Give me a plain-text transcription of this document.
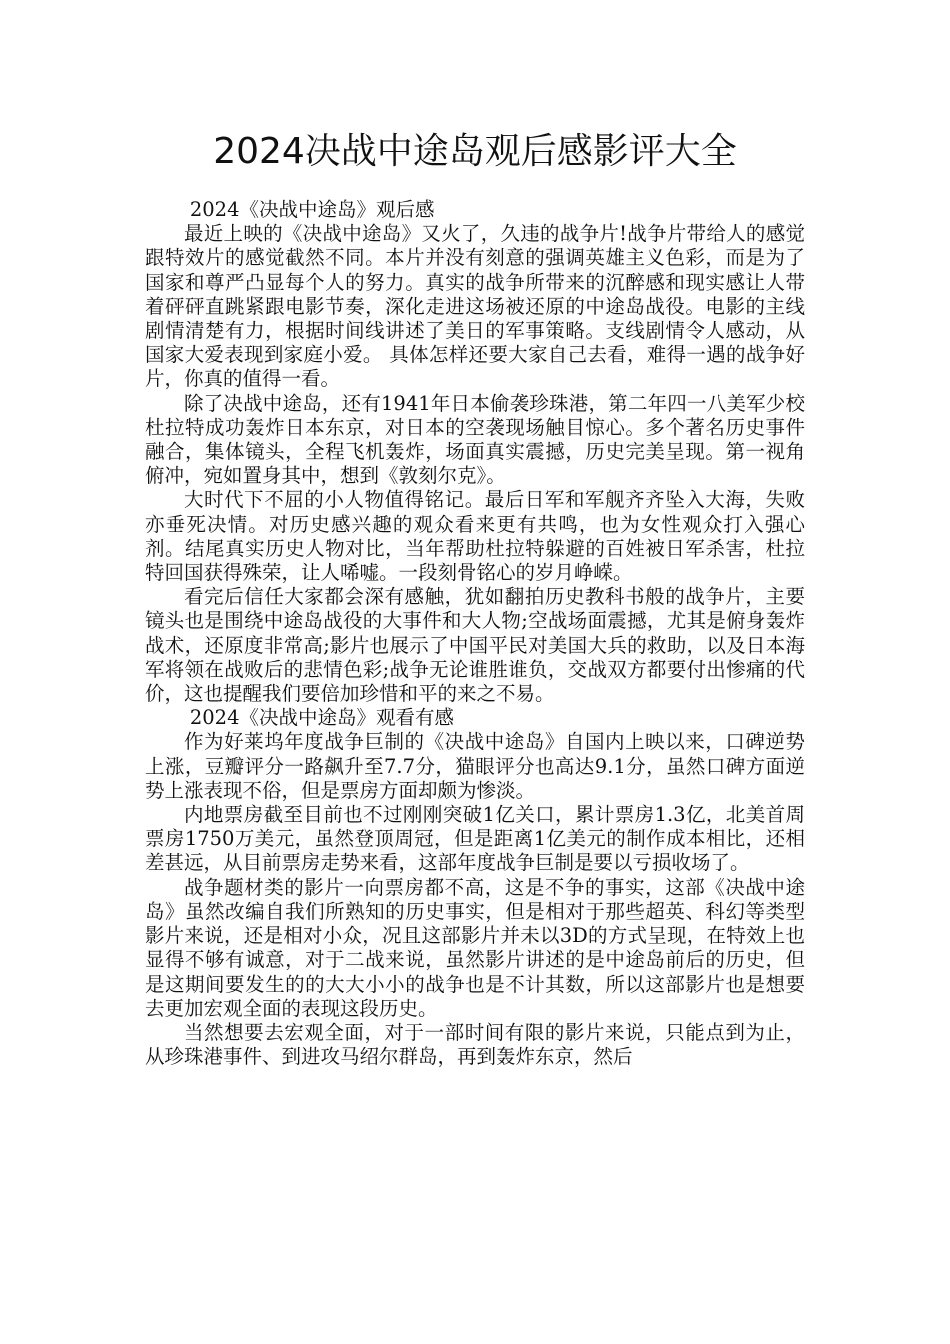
2024决战中途岛观后感影评大全

2024《决战中途岛》观后感

最近上映的《决战中途岛》又火了，久违的战争片!战争片带给人的感觉跟特效片的感觉截然不同。本片并没有刻意的强调英雄主义色彩，而是为了国家和尊严凸显每个人的努力。真实的战争所带来的沉醉感和现实感让人带着砰砰直跳紧跟电影节奏，深化走进这场被还原的中途岛战役。电影的主线剧情清楚有力，根据时间线讲述了美日的军事策略。支线剧情令人感动，从国家大爱表现到家庭小爱。 具体怎样还要大家自己去看，难得一遇的战争好片，你真的值得一看。

除了决战中途岛，还有1941年日本偷袭珍珠港，第二年四一八美军少校杜拉特成功轰炸日本东京，对日本的空袭现场触目惊心。多个著名历史事件融合，集体镜头，全程飞机轰炸，场面真实震撼，历史完美呈现。第一视角俯冲，宛如置身其中，想到《敦刻尔克》。

大时代下不屈的小人物值得铭记。最后日军和军舰齐齐坠入大海，失败亦垂死决情。对历史感兴趣的观众看来更有共鸣，也为女性观众打入强心剂。结尾真实历史人物对比，当年帮助杜拉特躲避的百姓被日军杀害，杜拉特回国获得殊荣，让人唏嘘。一段刻骨铭心的岁月峥嵘。

看完后信任大家都会深有感触，犹如翻拍历史教科书般的战争片，主要镜头也是围绕中途岛战役的大事件和大人物;空战场面震撼，尤其是俯身轰炸战术，还原度非常高;影片也展示了中国平民对美国大兵的救助，以及日本海军将领在战败后的悲情色彩;战争无论谁胜谁负，交战双方都要付出惨痛的代价，这也提醒我们要倍加珍惜和平的来之不易。

2024《决战中途岛》观看有感

作为好莱坞年度战争巨制的《决战中途岛》自国内上映以来，口碑逆势上涨，豆瓣评分一路飙升至7.7分，猫眼评分也高达9.1分，虽然口碑方面逆势上涨表现不俗，但是票房方面却颇为惨淡。

内地票房截至目前也不过刚刚突破1亿关口，累计票房1.3亿，北美首周票房1750万美元，虽然登顶周冠，但是距离1亿美元的制作成本相比，还相差甚远，从目前票房走势来看，这部年度战争巨制是要以亏损收场了。

战争题材类的影片一向票房都不高，这是不争的事实，这部《决战中途岛》虽然改编自我们所熟知的历史事实，但是相对于那些超英、科幻等类型影片来说，还是相对小众，况且这部影片并未以3D的方式呈现，在特效上也显得不够有诚意，对于二战来说，虽然影片讲述的是中途岛前后的历史，但是这期间要发生的的大大小小的战争也是不计其数，所以这部影片也是想要去更加宏观全面的表现这段历史。

当然想要去宏观全面，对于一部时间有限的影片来说，只能点到为止，从珍珠港事件、到进攻马绍尔群岛，再到轰炸东京，然后
